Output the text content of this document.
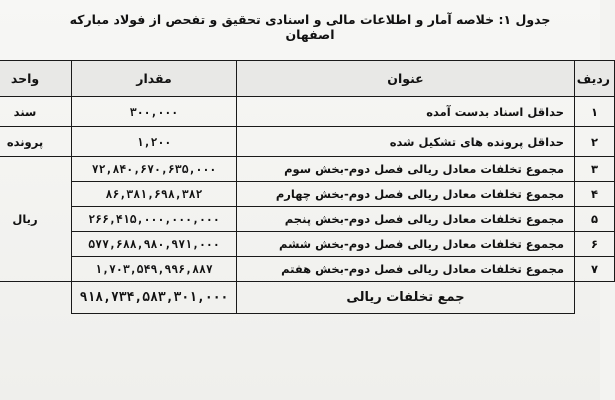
جدول ۱: خلاصه آمار و اطلاعات مالی و اسنادی تحقیق و تفحص از فولاد مبارکه اصفهان
ردیف	عنوان	مقدار	واحد
۱	حداقل اسناد بدست آمده	۳۰۰,۰۰۰	سند
۲	حداقل پرونده های تشکیل شده	۱,۲۰۰	پرونده
۳	مجموع تخلفات معادل ریالی فصل دوم-بخش سوم	۷۲,۸۴۰,۶۷۰,۶۳۵,۰۰۰	ریال
۴	مجموع تخلفات معادل ریالی فصل دوم-بخش چهارم	۸۶,۳۸۱,۶۹۸,۳۸۲	
۵	مجموع تخلفات معادل ریالی فصل دوم-بخش پنجم	۲۶۶,۴۱۵,۰۰۰,۰۰۰,۰۰۰	
۶	مجموع تخلفات معادل ریالی فصل دوم-بخش ششم	۵۷۷,۶۸۸,۹۸۰,۹۷۱,۰۰۰	
۷	مجموع تخلفات معادل ریالی فصل دوم-بخش هفتم	۱,۷۰۳,۵۴۹,۹۹۶,۸۸۷	
	جمع تخلفات ریالی	۹۱۸,۷۳۴,۵۸۳,۳۰۱,۰۰۰	
